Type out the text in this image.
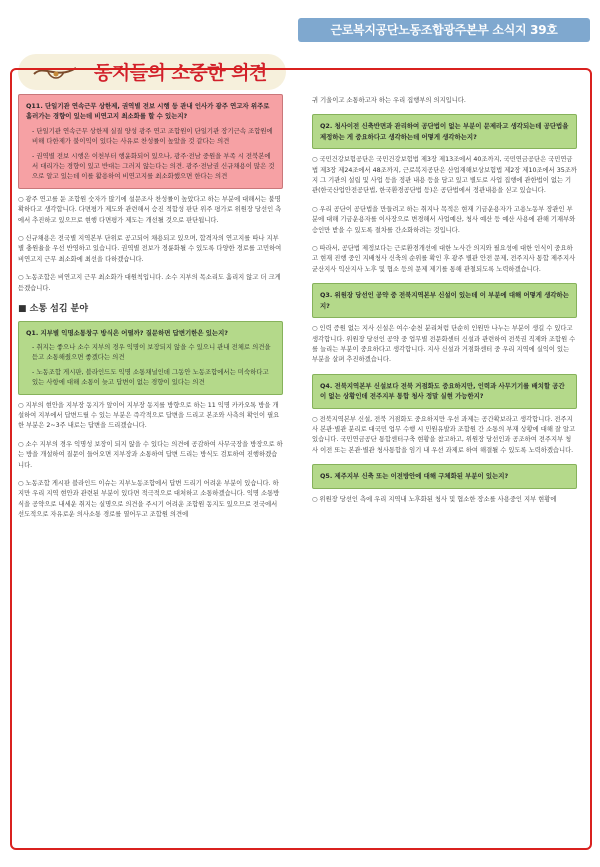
근로복지공단노동조합광주본부 소식지 39호
동지들의 소중한 의견

Q11. 단일기관 연속근무 상한제, 권역별 전보 시행 등 관내 인사가 광주 연고자 위주로 흘러가는 경향이 있는데 비연고지 최소화를 할 수 있는지?

- 단일기관 연속근무 상한제 실질 양성 광주 연고 조합원이 단일기관 장기근속 조합원에 비해 다한제가 불이익이 있다는 사유로 찬성률이 높았을 것 같다는 의견
- 권역별 전보 시행은 이천부터 행윤화되어 있으나, 광주·전남 중원을 부족 시 전북본에서 대리가는 경향이 있고 반대는 그러지 않는다는 의견. 광주·전남권 신규채용이 많은 것으로 알고 있는데 이를 활용하여 비연고지를 최소화했으면 한다는 의견

○ 광주 연고를 둔 조합원 숫자가 많기에 설문조사 찬성률이 높았다고 하는 부분에 대해서는 불명확하다고 생각합니다. 다면평가 제도와 관련해서 승진 적합성 판단 위주 평가로 위원장 당선인 측에서 추진하고 있으므로 현행 다면평가 제도는 개선될 것으로 판단됩니다.

○ 신규채용은 전국별 지역본부 단위로 공고되어 채용되고 있으며, 합격자의 연고지를 따나 지부별 충원율을 우선 반영하고 있습니다. 권역별 전보가 경륜화될 수 있도록 다양한 경로를 고민하여 비연고지 근무 최소화에 최선을 다하겠습니다.

○ 노동조합은 비연고지 근무 최소화가 대원칙입니다. 소수 지부의 목소리도 흘리지 않고 더 크게 듣겠습니다.

■ 소통 섬김 분야

Q1. 지부별 익명소통창구 방식은 어떨까? 질문하면 답변기한은 있는지?

- 취지는 좋으나 소수 지부의 경우 익명이 보장되지 않을 수 있으니 관내 전체로 의견을 듣고 소통해줬으면 좋겠다는 의견
- 노동조합 게시판, 블라인드도 익명 소통채널인데 그동안 노동조합에서는 미숙하다고 있는 사항에 대해 소통이 늦고 답변이 없는 경향이 있다는 의견

○ 지부의 현안을 지부장 동지가 앞이어 지부장 동지를 방향으로 하는 11 익명 카카오톡 방을 개설하여 지부에서 답변드릴 수 있는 부분은 즉각적으로 답변을 드리고 본조와 사측의 확인이 필요한 부분은 2~3주 내로는 답변을 드리겠습니다.

○ 소수 지부의 경우 익명성 보장이 되지 않을 수 있다는 의견에 공감하여 사무국장을 방장으로 하는 방을 개설하여 질문이 들어오면 지부장과 소통하여 답변 드리는 방식도 검토하여 진행하겠습니다.

○ 노동조합 게시판 블라인드 이슈는 지부노동조합에서 답변 드리기 어려운 부분이 있습니다. 하지만 우리 지역 현안과 관련된 부분이 있다면 적극적으로 대처하고 소통하겠습니다. 익명 소통방식을 공약으로 내세운 취지는 실명으로 의견을 주시기 어려운 조합원 동지도 있으므로 전국에서 선도적으로 자유로운 의사소통 경로를 열어두고 조합원 의견에

귀 기울이고 소통하고자 하는 우리 집행부의 의지입니다.

Q2. 청사이전 신축반면과 관리하여 공단법이 없는 부분이 문제라고 생각되는데 공단법을 제정하는 게 중요하다고 생각하는데 어떻게 생각하는지?

○ 국민건강보험공단은 국민건강보험법 제3장 제13조에서 40조까지, 국민연금공단은 국민연금법 제3장 제24조에서 48조까지, 근로복지공단은 산업재해보상보험법 제2장 제10조에서 35조까지 그 기관의 설립 및 사업 등을 정관 내용 등을 담고 있고 별도로 사업 집행에 관한법이 없는 기관(한국산업안전공단법, 한국환경공단법 등)은 공단법에서 정관내용을 싣고 있습니다.

○ 우리 공단이 공단법을 만들려고 하는 취지나 목적은 현재 기금운용자가 고용노동부 장관인 부분에 대해 기금운용자를 이사장으로 변경해서 사업예산, 청사 예산 등 예산 사용에 관해 기재부와 승인만 받을 수 있도록 절차를 간소화하려는 것입니다.

○ 따라서, 공단법 제정보다는 근로환경개선에 대한 노사간 의지와 필요성에 대한 인식이 중요하고 현재 진행 중인 지배청사 신축의 순위를 확인 후 광주 별관 안전 문제, 전주지사 통합 제주지사 균산지사 익산지사 노후 및 협소 등의 문제 제기를 통해 관철되도록 노력하겠습니다.

Q3. 위원장 당선인 공약 중 전북지역본부 신설이 있는데 이 부분에 대해 어떻게 생각하는지?

○ 인력 증원 없는 지사 신설은 여수·순천 분리처럼 단순히 인원만 나누는 부분이 생길 수 있다고 생각합니다. 위원장 당선인 공약 중 업무별 전문화센터 신설과 관련하여 전북권 직제와 조합원 수를 늘리는 부분이 중요하다고 생각합니다. 지사 신설과 거점화센터 중 우리 지역에 실익이 있는 부분을 살펴 추진하겠습니다.

Q4. 전북지역본부 신설보다 전북 거점화도 중요하지만, 인력과 사무기기를 배치할 공간이 없는 상황인데 전주지부 통합 청사 정말 실현 가능한지?

○ 전북지역본부 신설, 전북 거점화도 중요하지만 우선 과제는 공간확보라고 생각합니다. 전주지사 본관·별관 분리로 대국민 업무 수행 시 민원유발과 조합원 간 소통의 부재 상황에 대해 잘 알고 있습니다. 국민연금공단 통합센터구축 현황을 참고하고, 위원장 당선인과 공조하여 전주지부 청사 이전 또는 본관·별관 청사통합을 임기 내 우선 과제로 하여 해결될 수 있도록 노력하겠습니다.

Q5. 제주지부 신축 또는 이전방안에 대해 구체화된 부분이 있는지?

○ 위원장 당선인 측에 우리 지역내 노후화된 청사 및 협소한 장소를 사용중인 지부 현황에
